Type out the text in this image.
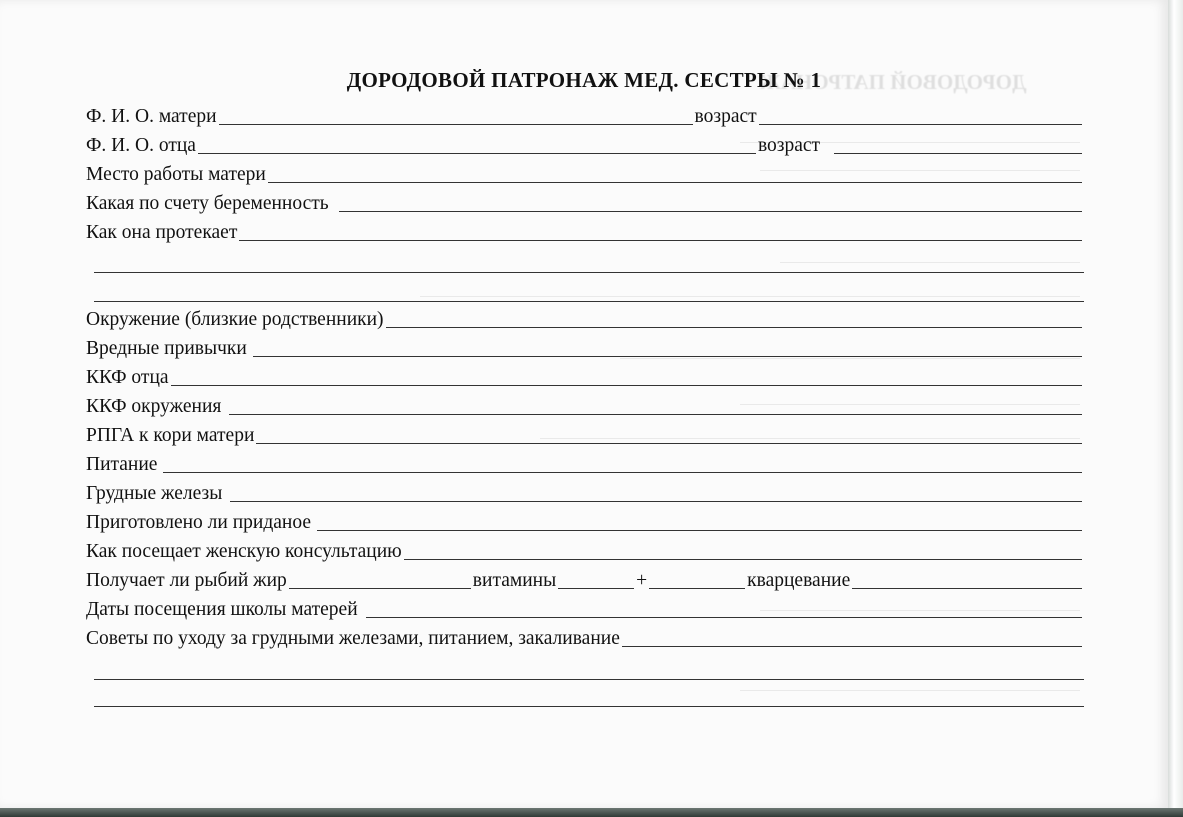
ДОРОДОВОЙ ПАТРОНАЖ
ДОРОДОВОЙ ПАТРОНАЖ МЕД. СЕСТРЫ № 1
Ф. И. О. матери	возраст
Ф. И. О. отца	возраст
Место работы матери
Какая по счету беременность
Как она протекает
Окружение (близкие родственники)
Вредные привычки
ККФ отца
ККФ окружения
РПГА к кори матери
Питание
Грудные железы
Приготовлено ли приданое
Как посещает женскую консультацию
Получает ли рыбий жир	витамины	+	кварцевание
Даты посещения школы матерей
Советы по уходу за грудными железами, питанием, закаливание
